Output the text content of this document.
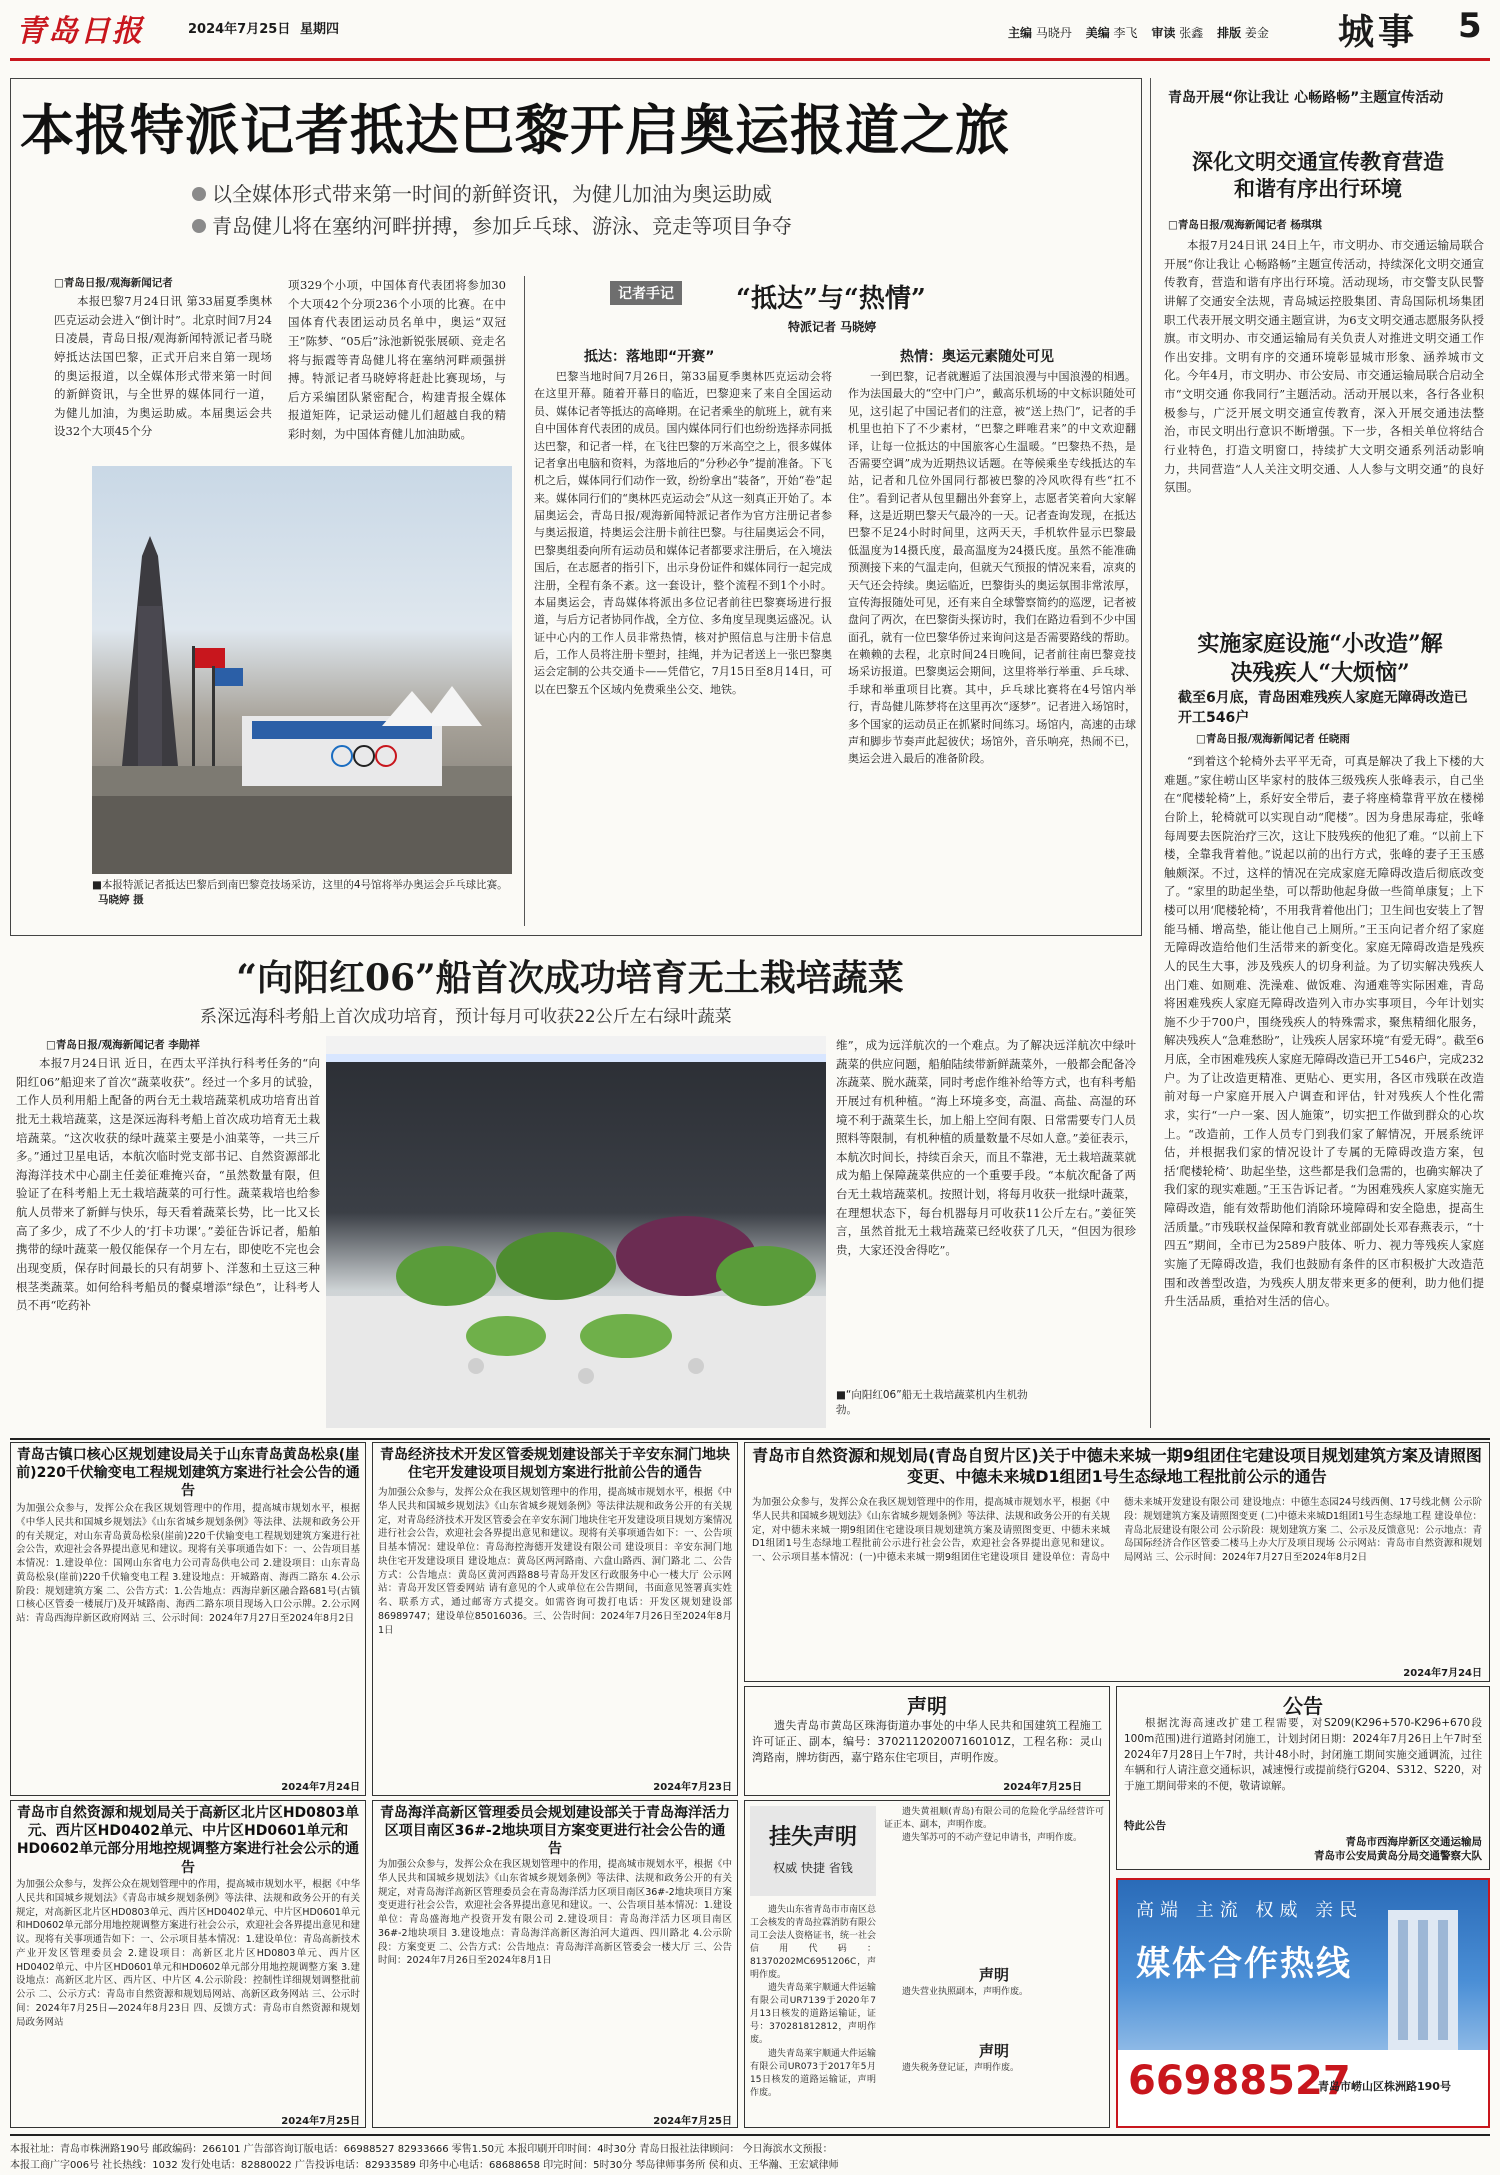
青岛日报	2024年7月25日 星期四	主编 马晓丹 美编 李飞 审读 张鑫 排版 姜金 城事 5
本报特派记者抵达巴黎开启奥运报道之旅
以全媒体形式带来第一时间的新鲜资讯，为健儿加油为奥运助威
青岛健儿将在塞纳河畔拼搏，参加乒乓球、游泳、竞走等项目争夺
□青岛日报/观海新闻记者
本报巴黎7月24日讯 第33届夏季奥林匹克运动会进入“倒计时”。北京时间7月24日凌晨，青岛日报/观海新闻特派记者马晓婷抵达法国巴黎，正式开启来自第一现场的奥运报道，以全媒体形式带来第一时间的新鲜资讯，与全世界的媒体同行一道，为健儿加油，为奥运助威。本届奥运会共设32个大项45个分
项329个小项，中国体育代表团将参加30个大项42个分项236个小项的比赛。在中国体育代表团运动员名单中，奥运“双冠王”陈梦、“05后”泳池新锐张展硕、竞走名将与振霞等青岛健儿将在塞纳河畔顽强拼搏。特派记者马晓婷将赶赴比赛现场，与后方采编团队紧密配合，构建青报全媒体报道矩阵，记录运动健儿们超越自我的精彩时刻，为中国体育健儿加油助威。
■本报特派记者抵达巴黎后到南巴黎竞技场采访，这里的4号馆将举办奥运会乒乓球比赛。马晓婷 摄
记者手记	“抵达”与“热情”
特派记者 马晓婷
抵达：落地即“开赛”	热情：奥运元素随处可见
巴黎当地时间7月26日，第33届夏季奥林匹克运动会将在这里开幕。随着开幕日的临近，巴黎迎来了来自全国运动员、媒体记者等抵达的高峰期。在记者乘坐的航班上，就有来自中国体育代表团的成员。国内媒体同行们也纷纷选择赤同抵达巴黎，和记者一样，在飞往巴黎的万米高空之上，很多媒体记者拿出电脑和资料，为落地后的“分秒必争”提前准备。下飞机之后，媒体同行们动作一致，纷纷拿出“装备”，开始“卷”起来。媒体同行们的“奥林匹克运动会”从这一刻真正开始了。本届奥运会，青岛日报/观海新闻特派记者作为官方注册记者参与奥运报道，持奥运会注册卡前往巴黎。与往届奥运会不同，巴黎奥组委向所有运动员和媒体记者都要求注册后，在入境法国后，在志愿者的指引下，出示身份证件和媒体同行一起完成注册，全程有条不紊。这一套设计，整个流程不到1个小时。本届奥运会，青岛媒体将派出多位记者前往巴黎赛场进行报道，与后方记者协同作战，全方位、多角度呈现奥运盛况。认证中心内的工作人员非常热情，核对护照信息与注册卡信息后，工作人员将注册卡塑封，挂绳，并为记者送上一张巴黎奥运会定制的公共交通卡——凭借它，7月15日至8月14日，可以在巴黎五个区域内免费乘坐公交、地铁。
一到巴黎，记者就邂逅了法国浪漫与中国浪漫的相遇。作为法国最大的“空中门户”，戴高乐机场的中文标识随处可见，这引起了中国记者们的注意，被“送上热门”，记者的手机里也拍下了不少素材，“巴黎之畔唯君来”的中文欢迎翻译，让每一位抵达的中国旅客心生温暖。“巴黎热不热，是否需要空调”成为近期热议话题。在等候乘坐专线抵达的车站，记者和几位外国同行都被巴黎的冷风吹得有些“扛不住”。看到记者从包里翻出外套穿上，志愿者笑着向大家解释，这是近期巴黎天气最冷的一天。记者查询发现，在抵达巴黎不足24小时时间里，这两天天，手机软件显示巴黎最低温度为14摄氏度，最高温度为24摄氏度。虽然不能准确预测接下来的气温走向，但就天气预报的情况来看，凉爽的天气还会持续。奥运临近，巴黎街头的奥运氛围非常浓厚，宣传海报随处可见，还有来自全球警察简约的巡逻，记者被盘问了两次，在巴黎街头探访时，我们在路边看到不少中国面孔，就有一位巴黎华侨过来询问这是否需要路线的帮助。在赖赖的去程，北京时间24日晚间，记者前往南巴黎竞技场采访报道。巴黎奥运会期间，这里将举行举重、乒乓球、手球和举重项目比赛。其中，乒乓球比赛将在4号馆内举行，青岛健儿陈梦将在这里再次“逐梦”。记者进入场馆时，多个国家的运动员正在抓紧时间练习。场馆内，高速的击球声和脚步节奏声此起彼伏；场馆外，音乐响亮，热闹不已，奥运会进入最后的准备阶段。
“向阳红06”船首次成功培育无土栽培蔬菜
系深远海科考船上首次成功培育，预计每月可收获22公斤左右绿叶蔬菜
□青岛日报/观海新闻记者 李勋祥
本报7月24日讯 近日，在西太平洋执行科考任务的“向阳红06”船迎来了首次“蔬菜收获”。经过一个多月的试验，工作人员利用船上配备的两台无土栽培蔬菜机成功培育出首批无土栽培蔬菜，这是深远海科考船上首次成功培育无土栽培蔬菜。“这次收获的绿叶蔬菜主要是小油菜等，一共三斤多。”通过卫星电话，本航次临时党支部书记、自然资源部北海海洋技术中心副主任姜征难掩兴奋，“虽然数量有限，但验证了在科考船上无土栽培蔬菜的可行性。蔬菜栽培也给参航人员带来了新鲜与快乐，每天看着蔬菜长势，比一比又长高了多少，成了不少人的‘打卡功课’。”姜征告诉记者，船舶携带的绿叶蔬菜一般仅能保存一个月左右，即使吃不完也会出现变质，保存时间最长的只有胡萝卜、洋葱和土豆这三种根茎类蔬菜。如何给科考船员的餐桌增添“绿色”，让科考人员不再“吃药补
维”，成为远洋航次的一个难点。为了解决远洋航次中绿叶蔬菜的供应问题，船舶陆续带新鲜蔬菜外，一般都会配备冷冻蔬菜、脱水蔬菜，同时考虑作维补给等方式，也有科考船开展过有机种植。“海上环境多变，高温、高盐、高湿的环境不利于蔬菜生长，加上船上空间有限、日常需要专门人员照料等限制，有机种植的质量数量不尽如人意。”姜征表示，本航次时间长，持续百余天，而且不靠港，无土栽培蔬菜就成为船上保障蔬菜供应的一个重要手段。“本航次配备了两台无土栽培蔬菜机。按照计划，将每月收获一批绿叶蔬菜，在理想状态下，每台机器每月可收获11公斤左右。”姜征笑言，虽然首批无土栽培蔬菜已经收获了几天，“但因为很珍贵，大家还没舍得吃”。
■“向阳红06”船无土栽培蔬菜机内生机勃勃。
青岛开展“你让我让 心畅路畅”主题宣传活动
深化文明交通宣传教育营造和谐有序出行环境
□青岛日报/观海新闻记者 杨琪琪
本报7月24日讯 24日上午，市文明办、市交通运输局联合开展“你让我让 心畅路畅”主题宣传活动，持续深化文明交通宣传教育，营造和谐有序出行环境。活动现场，市交警支队民警讲解了交通安全法规，青岛城运控股集团、青岛国际机场集团职工代表开展文明交通主题宣讲，为6支文明交通志愿服务队授旗。市文明办、市交通运输局有关负责人对推进文明交通工作作出安排。文明有序的交通环境彰显城市形象、涵养城市文化。今年4月，市文明办、市公安局、市交通运输局联合启动全市“文明交通 你我同行”主题活动。活动开展以来，各行各业积极参与，广泛开展文明交通宣传教育，深入开展交通违法整治，市民文明出行意识不断增强。下一步，各相关单位将结合行业特色，打造文明窗口，持续扩大文明交通系列活动影响力，共同营造“人人关注文明交通、人人参与文明交通”的良好氛围。
实施家庭设施“小改造”解决残疾人“大烦恼”
截至6月底，青岛困难残疾人家庭无障碍改造已开工546户
□青岛日报/观海新闻记者 任晓雨
“到着这个轮椅外去平平无奇，可真是解决了我上下楼的大难题。”家住崂山区毕家村的肢体三级残疾人张峰表示，自己坐在“爬楼轮椅”上，系好安全带后，妻子将座椅靠背平放在楼梯台阶上，轮椅就可以实现自动“爬楼”。因为身患尿毒症，张峰每周要去医院治疗三次，这让下肢残疾的他犯了难。“以前上下楼，全靠我背着他。”说起以前的出行方式，张峰的妻子王玉感触颇深。不过，这样的情况在完成家庭无障碍改造后彻底改变了。“家里的助起坐垫，可以帮助他起身做一些简单康复；上下楼可以用‘爬楼轮椅’，不用我背着他出门；卫生间也安装上了智能马桶、增高垫，能让他自己上厕所。”王玉向记者介绍了家庭无障碍改造给他们生活带来的新变化。家庭无障碍改造是残疾人的民生大事，涉及残疾人的切身利益。为了切实解决残疾人出门难、如厕难、洗澡难、做饭难、沟通难等实际困难，青岛将困难残疾人家庭无障碍改造列入市办实事项目，今年计划实施不少于700户，围绕残疾人的特殊需求，聚焦精细化服务，解决残疾人“急难愁盼”，让残疾人居家环境“有爱无碍”。截至6月底，全市困难残疾人家庭无障碍改造已开工546户，完成232户。为了让改造更精准、更贴心、更实用，各区市残联在改造前对每一户家庭开展入户调查和评估，针对残疾人个性化需求，实行“一户一案、因人施策”，切实把工作做到群众的心坎上。“改造前，工作人员专门到我们家了解情况，开展系统评估，并根据我们家的情况设计了专属的无障碍改造方案，包括‘爬楼轮椅’、助起坐垫，这些都是我们急需的，也确实解决了我们家的现实难题。”王玉告诉记者。“为困难残疾人家庭实施无障碍改造，能有效帮助他们消除环境障碍和安全隐患，提高生活质量。”市残联权益保障和教育就业部副处长邓春燕表示，“十四五”期间，全市已为2589户肢体、听力、视力等残疾人家庭实施了无障碍改造，我们也鼓励有条件的区市积极扩大改造范围和改善型改造，为残疾人朋友带来更多的便利，助力他们提升生活品质，重拾对生活的信心。
青岛古镇口核心区规划建设局关于山东青岛黄岛松泉(崖前)220千伏输变电工程规划建筑方案进行社会公告的通告
为加强公众参与，发挥公众在我区规划管理中的作用，提高城市规划水平，根据《中华人民共和国城乡规划法》《山东省城乡规划条例》等法律、法规和政务公开的有关规定，对山东青岛黄岛松泉(崖前)220千伏输变电工程规划建筑方案进行社会公告，欢迎社会各界提出意见和建议。现将有关事项通告如下：一、公告项目基本情况：1.建设单位：国网山东省电力公司青岛供电公司 2.建设项目：山东青岛黄岛松泉(崖前)220千伏输变电工程 3.建设地点：开城路南、海西二路东 4.公示阶段：规划建筑方案 二、公告方式：1.公告地点：西海岸新区融合路681号(古镇口核心区管委一楼展厅)及开城路南、海西二路东项目现场入口公示牌。2.公示网站：青岛西海岸新区政府网站 三、公示时间：2024年7月27日至2024年8月2日
2024年7月24日
青岛经济技术开发区管委规划建设部关于辛安东洞门地块住宅开发建设项目规划方案进行批前公告的通告
为加强公众参与，发挥公众在我区规划管理中的作用，提高城市规划水平，根据《中华人民共和国城乡规划法》《山东省城乡规划条例》等法律法规和政务公开的有关规定，对青岛经济技术开发区管委会在辛安东洞门地块住宅开发建设项目规划方案情况进行社会公告，欢迎社会各界提出意见和建议。现将有关事项通告如下：一、公告项目基本情况：建设单位：青岛海控海德开发建设有限公司 建设项目：辛安东洞门地块住宅开发建设项目 建设地点：黄岛区两河路南、六盘山路西、洞门路北 二、公告方式：公告地点：黄岛区黄河西路88号青岛开发区行政服务中心一楼大厅 公示网站：青岛开发区管委网站 请有意见的个人或单位在公告期间，书面意见签署真实姓名、联系方式，通过邮寄方式提交。如需咨询可拨打电话：开发区规划建设部86989747；建设单位85016036。三、公告时间：2024年7月26日至2024年8月1日
2024年7月23日
青岛市自然资源和规划局(青岛自贸片区)关于中德未来城一期9组团住宅建设项目规划建筑方案及请照图变更、中德未来城D1组团1号生态绿地工程批前公示的通告
为加强公众参与，发挥公众在我区规划管理中的作用，提高城市规划水平，根据《中华人民共和国城乡规划法》《山东省城乡规划条例》等法律、法规和政务公开的有关规定，对中德未来城一期9组团住宅建设项目规划建筑方案及请照图变更、中德未来城D1组团1号生态绿地工程批前公示进行社会公告，欢迎社会各界提出意见和建议。一、公示项目基本情况：(一)中德未来城一期9组团住宅建设项目 建设单位：青岛中德未来城开发建设有限公司 建设地点：中德生态园24号线西侧、17号线北侧 公示阶段：规划建筑方案及请照图变更 (二)中德未来城D1组团1号生态绿地工程 建设单位：青岛北辰建设有限公司 公示阶段：规划建筑方案 二、公示及反馈意见：公示地点：青岛国际经济合作区管委二楼马上办大厅及项目现场 公示网站：青岛市自然资源和规划局网站 三、公示时间：2024年7月27日至2024年8月2日
2024年7月24日
声明

遗失青岛市黄岛区珠海街道办事处的中华人民共和国建筑工程施工许可证正、副本，编号：370211202007160101Z，工程名称：灵山湾路南，牌坊街西，嘉宁路东住宅项目，声明作废。

2024年7月25日
公告

根据沈海高速改扩建工程需要，对S209(K296+570-K296+670段100m范围)进行道路封闭施工，计划封闭日期：2024年7月26日上午7时至2024年7月28日上午7时，共计48小时，封闭施工期间实施交通调流，过往车辆和行人请注意交通标识，减速慢行或提前绕行G204、S312、S220，对于施工期间带来的不便，敬请谅解。

特此公告
青岛市西海岸新区交通运输局
青岛市公安局黄岛分局交通警察大队
青岛市自然资源和规划局关于高新区北片区HD0803单元、西片区HD0402单元、中片区HD0601单元和HD0602单元部分用地控规调整方案进行社会公示的通告
为加强公众参与，发挥公众在规划管理中的作用，提高城市规划水平，根据《中华人民共和国城乡规划法》《青岛市城乡规划条例》等法律、法规和政务公开的有关规定，对高新区北片区HD0803单元、西片区HD0402单元、中片区HD0601单元和HD0602单元部分用地控规调整方案进行社会公示，欢迎社会各界提出意见和建议。现将有关事项通告如下：一、公示项目基本情况：1.建设单位：青岛高新技术产业开发区管理委员会 2.建设项目：高新区北片区HD0803单元、西片区HD0402单元、中片区HD0601单元和HD0602单元部分用地控规调整方案 3.建设地点：高新区北片区、西片区、中片区 4.公示阶段：控制性详细规划调整批前公示 二、公示方式：青岛市自然资源和规划局网站、高新区政务网站 三、公示时间：2024年7月25日—2024年8月23日 四、反馈方式：青岛市自然资源和规划局政务网站
2024年7月25日
青岛海洋高新区管理委员会规划建设部关于青岛海洋活力区项目南区36#-2地块项目方案变更进行社会公告的通告
为加强公众参与，发挥公众在我区规划管理中的作用，提高城市规划水平，根据《中华人民共和国城乡规划法》《山东省城乡规划条例》等法律、法规和政务公开的有关规定，对青岛海洋高新区管理委员会在青岛海洋活力区项目南区36#-2地块项目方案变更进行社会公告，欢迎社会各界提出意见和建议。一、公告项目基本情况：1.建设单位：青岛盛海地产投资开发有限公司 2.建设项目：青岛海洋活力区项目南区36#-2地块项目 3.建设地点：青岛海洋高新区海泊河大道西、四川路北 4.公示阶段：方案变更 二、公告方式：公告地点：青岛海洋高新区管委会一楼大厅 三、公告时间：2024年7月26日至2024年8月1日
2024年7月25日
挂失声明
权威 快捷 省钱

遗失山东省青岛市市南区总工会核发的青岛拉霖消防有限公司工会法人资格证书，统一社会信用代码：81370202MC6951206C，声明作废。

遗失青岛莱宇顺通大件运输有限公司UR7139于2020年7月13日核发的道路运输证，证号：370281812812，声明作废。

遗失青岛莱宇顺通大件运输有限公司UR073于2017年5月15日核发的道路运输证，声明作废。

遗失黄祖顺(青岛)有限公司的危险化学品经营许可证正本、副本，声明作废。

遗失邹苏可的不动产登记申请书，声明作废。

声明

遗失营业执照副本，声明作废。

声明

遗失税务登记证，声明作废。

高端 主流 权威 亲民
媒体合作热线
66988527
青岛市崂山区株洲路190号
本报社址：青岛市株洲路190号 邮政编码：266101 广告部咨询订版电话：66988527 82933666 零售1.50元 本报印刷开印时间：4时30分 青岛日报社法律顾问： 今日海滨水文预报：
本报工商广字006号 社长热线：1032 发行处电话：82880022 广告投诉电话：82933589 印务中心电话：68688658 印完时间：5时30分 琴岛律师事务所 侯和贞、王华瀚、王宏斌律师
